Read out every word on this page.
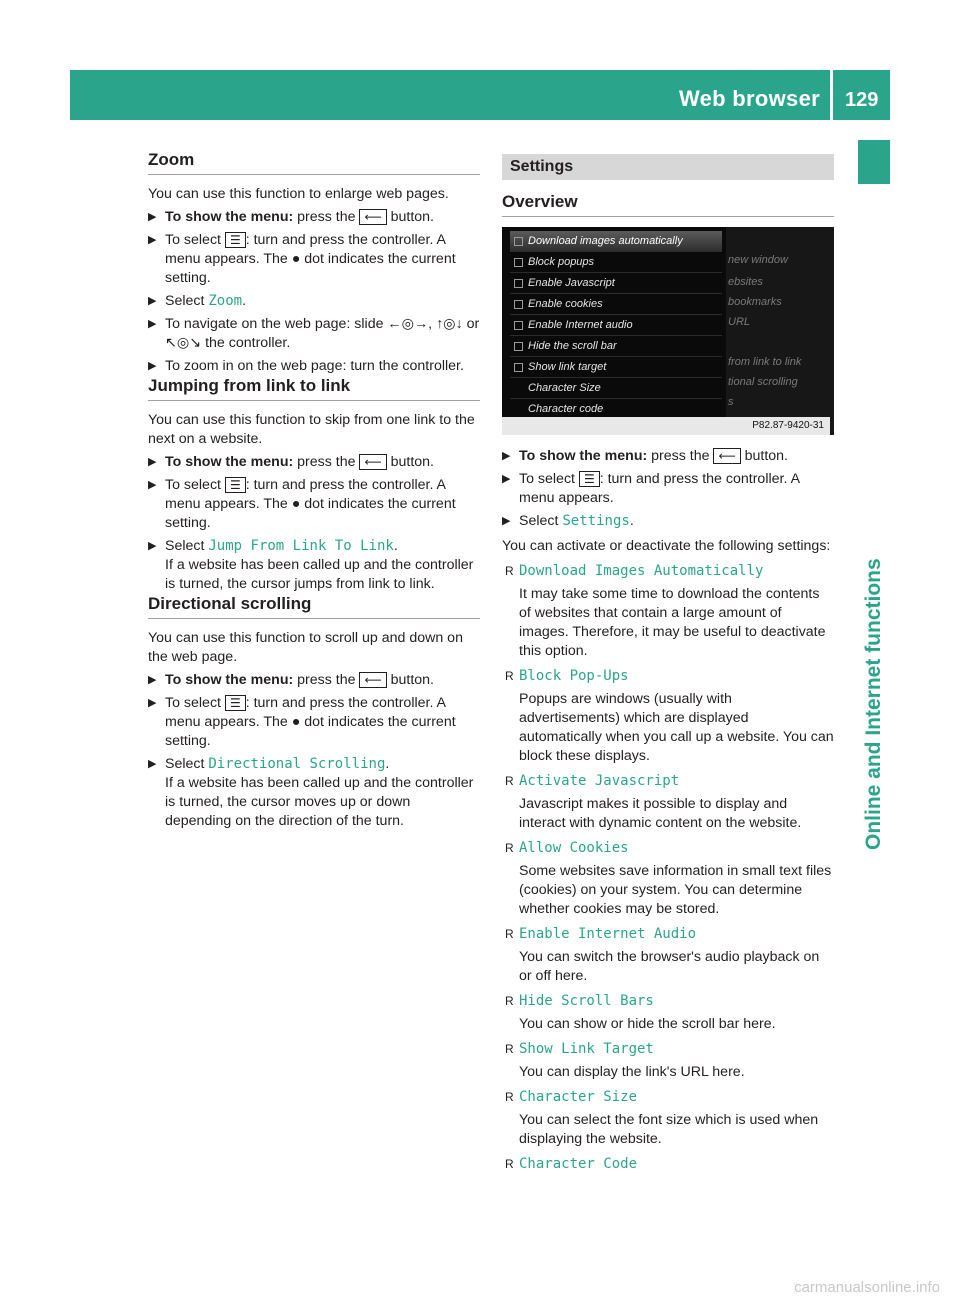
Web browser 129
Online and Internet functions
Zoom

You can use this function to enlarge web pages.

▶ To show the menu: press the ⟵ button.
▶ To select ☰ : turn and press the controller. A menu appears. The ● dot indicates the current setting.
▶ Select Zoom.
▶ To navigate on the web page: slide ←◎→, ↑◎↓ or ↖◎↘ the controller.
▶ To zoom in on the web page: turn the controller.
Jumping from link to link

You can use this function to skip from one link to the next on a website.

▶ To show the menu: press the ⟵ button.
▶ To select ☰ : turn and press the controller. A menu appears. The ● dot indicates the current setting.
▶ Select Jump From Link To Link.
If a website has been called up and the controller is turned, the cursor jumps from link to link.
Directional scrolling

You can use this function to scroll up and down on the web page.

▶ To show the menu: press the ⟵ button.
▶ To select ☰ : turn and press the controller. A menu appears. The ● dot indicates the current setting.
▶ Select Directional Scrolling.
If a website has been called up and the controller is turned, the cursor moves up or down depending on the direction of the turn.
Settings
Overview
new window
ebsites
bookmarks
URL
from link to link
tional scrolling
s
Download images automatically
Block popups
Enable Javascript
Enable cookies
Enable Internet audio
Hide the scroll bar
Show link target
Character Size
Character code
P82.87-9420-31
▶ To show the menu: press the ⟵ button.
▶ To select ☰ : turn and press the controller. A menu appears.
▶ Select Settings.

You can activate or deactivate the following settings:

R Download Images Automatically
It may take some time to download the contents of websites that contain a large amount of images. Therefore, it may be useful to deactivate this option.
R Block Pop-Ups
Popups are windows (usually with advertisements) which are displayed automatically when you call up a website. You can block these displays.
R Activate Javascript
Javascript makes it possible to display and interact with dynamic content on the website.
R Allow Cookies
Some websites save information in small text files (cookies) on your system. You can determine whether cookies may be stored.
R Enable Internet Audio
You can switch the browser's audio playback on or off here.
R Hide Scroll Bars
You can show or hide the scroll bar here.
R Show Link Target
You can display the link's URL here.
R Character Size
You can select the font size which is used when displaying the website.
R Character Code
carmanualsonline.info
